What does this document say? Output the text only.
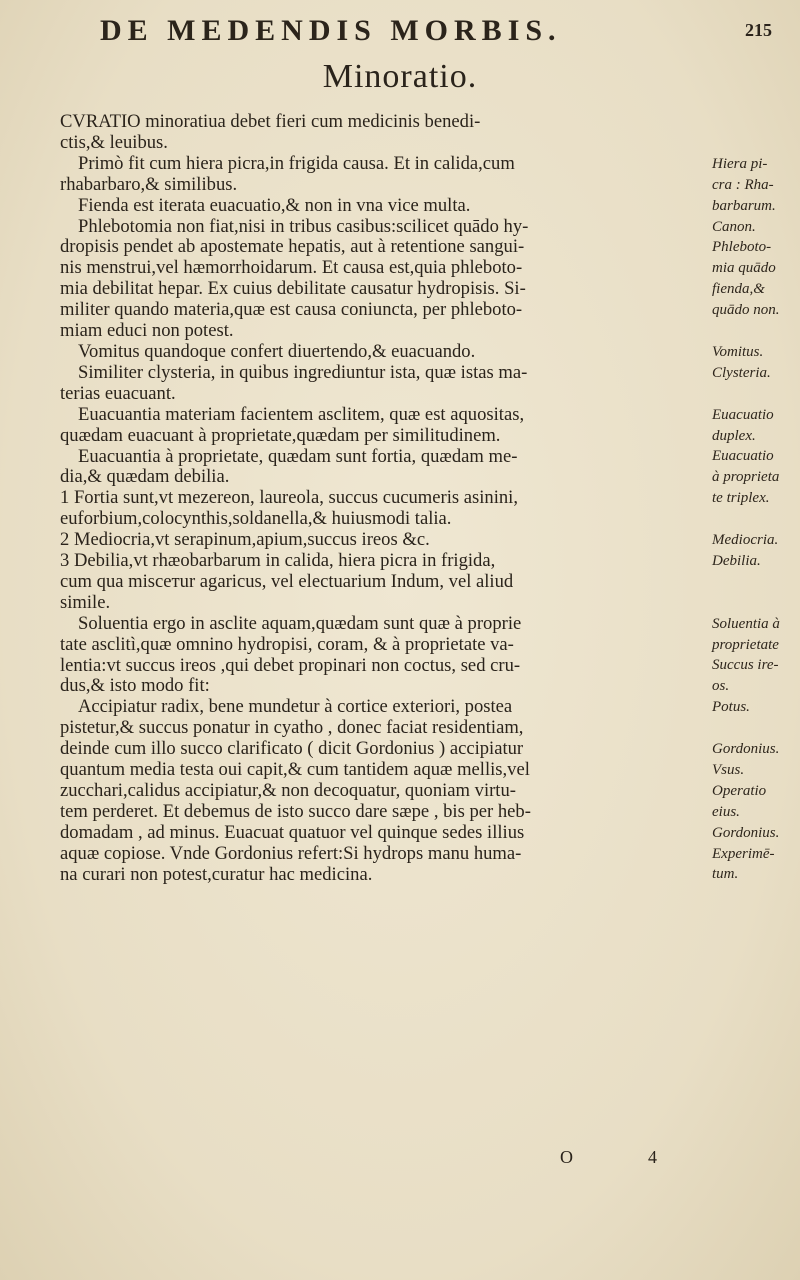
DE MEDENDIS MORBIS.	215
Minoratio.
CVRATIO minoratiua debet fieri cum medicinis benedi-
ctis,& leuibus.
Primò fit cum hiera picra,in frigida causa. Et in calida,cum
rhabarbaro,& similibus.
Fienda est iterata euacuatio,& non in vna vice multa.
Phlebotomia non fiat,nisi in tribus casibus:scilicet quādo hy-
dropisis pendet ab apostemate hepatis, aut à retentione sangui-
nis menstrui,vel hæmorrhoidarum. Et causa est,quia phleboto-
mia debilitat hepar. Ex cuius debilitate causatur hydropisis. Si-
militer quando materia,quæ est causa coniuncta, per phleboto-
miam educi non potest.
Vomitus quandoque confert diuertendo,& euacuando.
Similiter clysteria, in quibus ingrediuntur ista, quæ istas ma-
terias euacuant.
Euacuantia materiam facientem asclitem, quæ est aquositas,
quædam euacuant à proprietate,quædam per similitudinem.
Euacuantia à proprietate, quædam sunt fortia, quædam me-
dia,& quædam debilia.
1 Fortia sunt,vt mezereon, laureola, succus cucumeris asinini,
euforbium,colocynthis,soldanella,& huiusmodi talia.
2 Mediocria,vt serapinum,apium,succus ireos &c.
3 Debilia,vt rhæobarbarum in calida, hiera picra in frigida,
cum qua misceтur agaricus, vel electuarium Indum, vel aliud
simile.
Soluentia ergo in asclite aquam,quædam sunt quæ à proprie
tate asclitì,quæ omnino hydropisi, coram, & à proprietate va-
lentia:vt succus ireos ,qui debet propinari non coctus, sed cru-
dus,& isto modo fit:
Accipiatur radix, bene mundetur à cortice exteriori, postea
pistetur,& succus ponatur in cyatho , donec faciat residentiam,
deinde cum illo succo clarificato ( dicit Gordonius ) accipiatur
quantum media testa oui capit,& cum tantidem aquæ mellis,vel
zucchari,calidus accipiatur,& non decoquatur, quoniam virtu-
tem perderet. Et debemus de isto succo dare sæpe , bis per heb-
domadam , ad minus. Euacuat quatuor vel quinque sedes illius
aquæ copiose. Vnde Gordonius refert:Si hydrops manu huma-
na curari non potest,curatur hac medicina.
Hiera pi-
cra : Rha-
barbarum.
Canon.
Phleboto-
mia quādo
fienda,&
quādo non.
Vomitus.
Clysteria.
Euacuatio
duplex.
Euacuatio
à proprieta
te triplex.
Mediocria.
Debilia.
Soluentia à
proprietate
Succus ire-
os.
Potus.
Gordonius.
Vsus.
Operatio
eius.
Gordonius.
Experimē-
tum.
O	4
